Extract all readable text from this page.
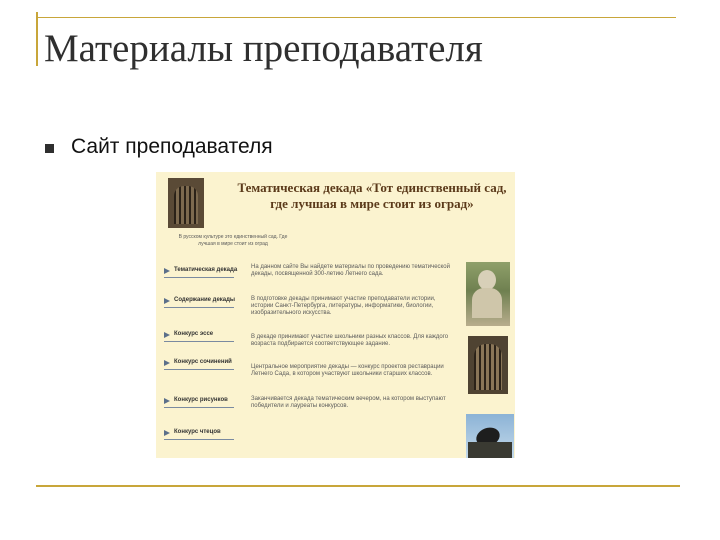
Материалы преподавателя
Сайт преподавателя
Тематическая декада «Тот единственный сад, где лучшая в мире стоит из оград»
В русском культуре это единственный сад. Где лучшая в мире стоит из оград
Тематическая декада
Содержание декады
Конкурс эссе
Конкурс сочинений
Конкурс рисунков
Конкурс чтецов

На данном сайте Вы найдете материалы по проведению тематической декады, посвященной 300-летию Летнего сада.

В подготовке декады принимают участие преподаватели истории, истории Санкт-Петербурга, литературы, информатики, биологии, изобразительного искусства.

В декаде принимают участие школьники разных классов. Для каждого возраста подбирается соответствующее задание.

Центральное мероприятие декады — конкурс проектов реставрации Летнего Сада, в котором участвуют школьники старших классов.

Заканчивается декада тематическим вечером, на котором выступают победители и лауреаты конкурсов.
